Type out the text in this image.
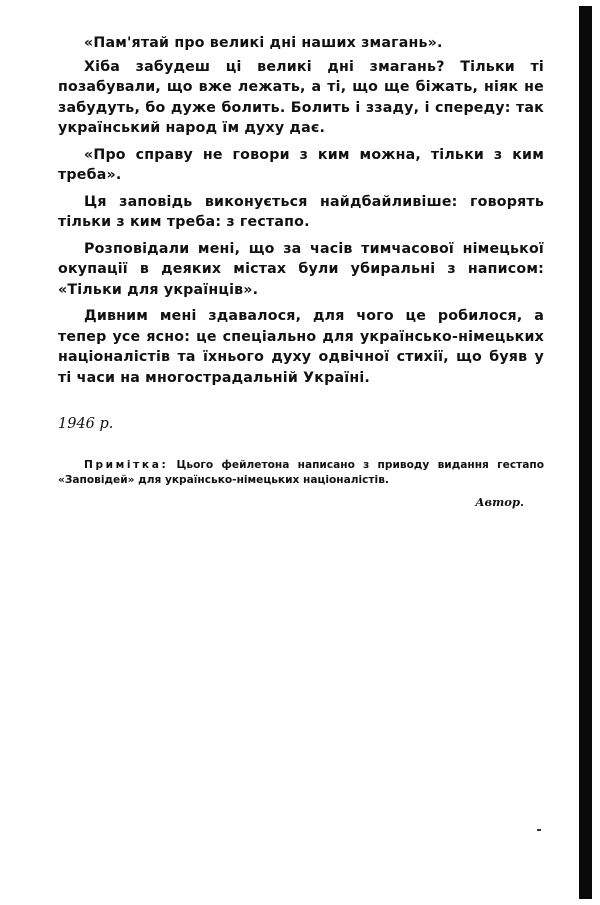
«Пам'ятай про великі дні наших змагань».

Хіба забудеш ці великі дні змагань? Тільки ті позабували, що вже лежать, а ті, що ще біжать, ніяк не забудуть, бо дуже болить. Болить і ззаду, і спереду: так український народ їм духу дає.

«Про справу не говори з ким можна, тільки з ким треба».

Ця заповідь виконується найдбайливіше: говорять тільки з ким треба: з гестапо.

Розповідали мені, що за часів тимчасової німецької окупації в деяких містах були убиральні з написом: «Тільки для українців».

Дивним мені здавалося, для чого це робилося, а тепер усе ясно: це спеціально для українсько-німецьких націоналістів та їхнього духу одвічної стихії, що буяв у ті часи на многострадальній Україні.

1946 р.

Примітка: Цього фейлетона написано з приводу видання гестапо «Заповідей» для українсько-німецьких націоналістів.

Автор.
